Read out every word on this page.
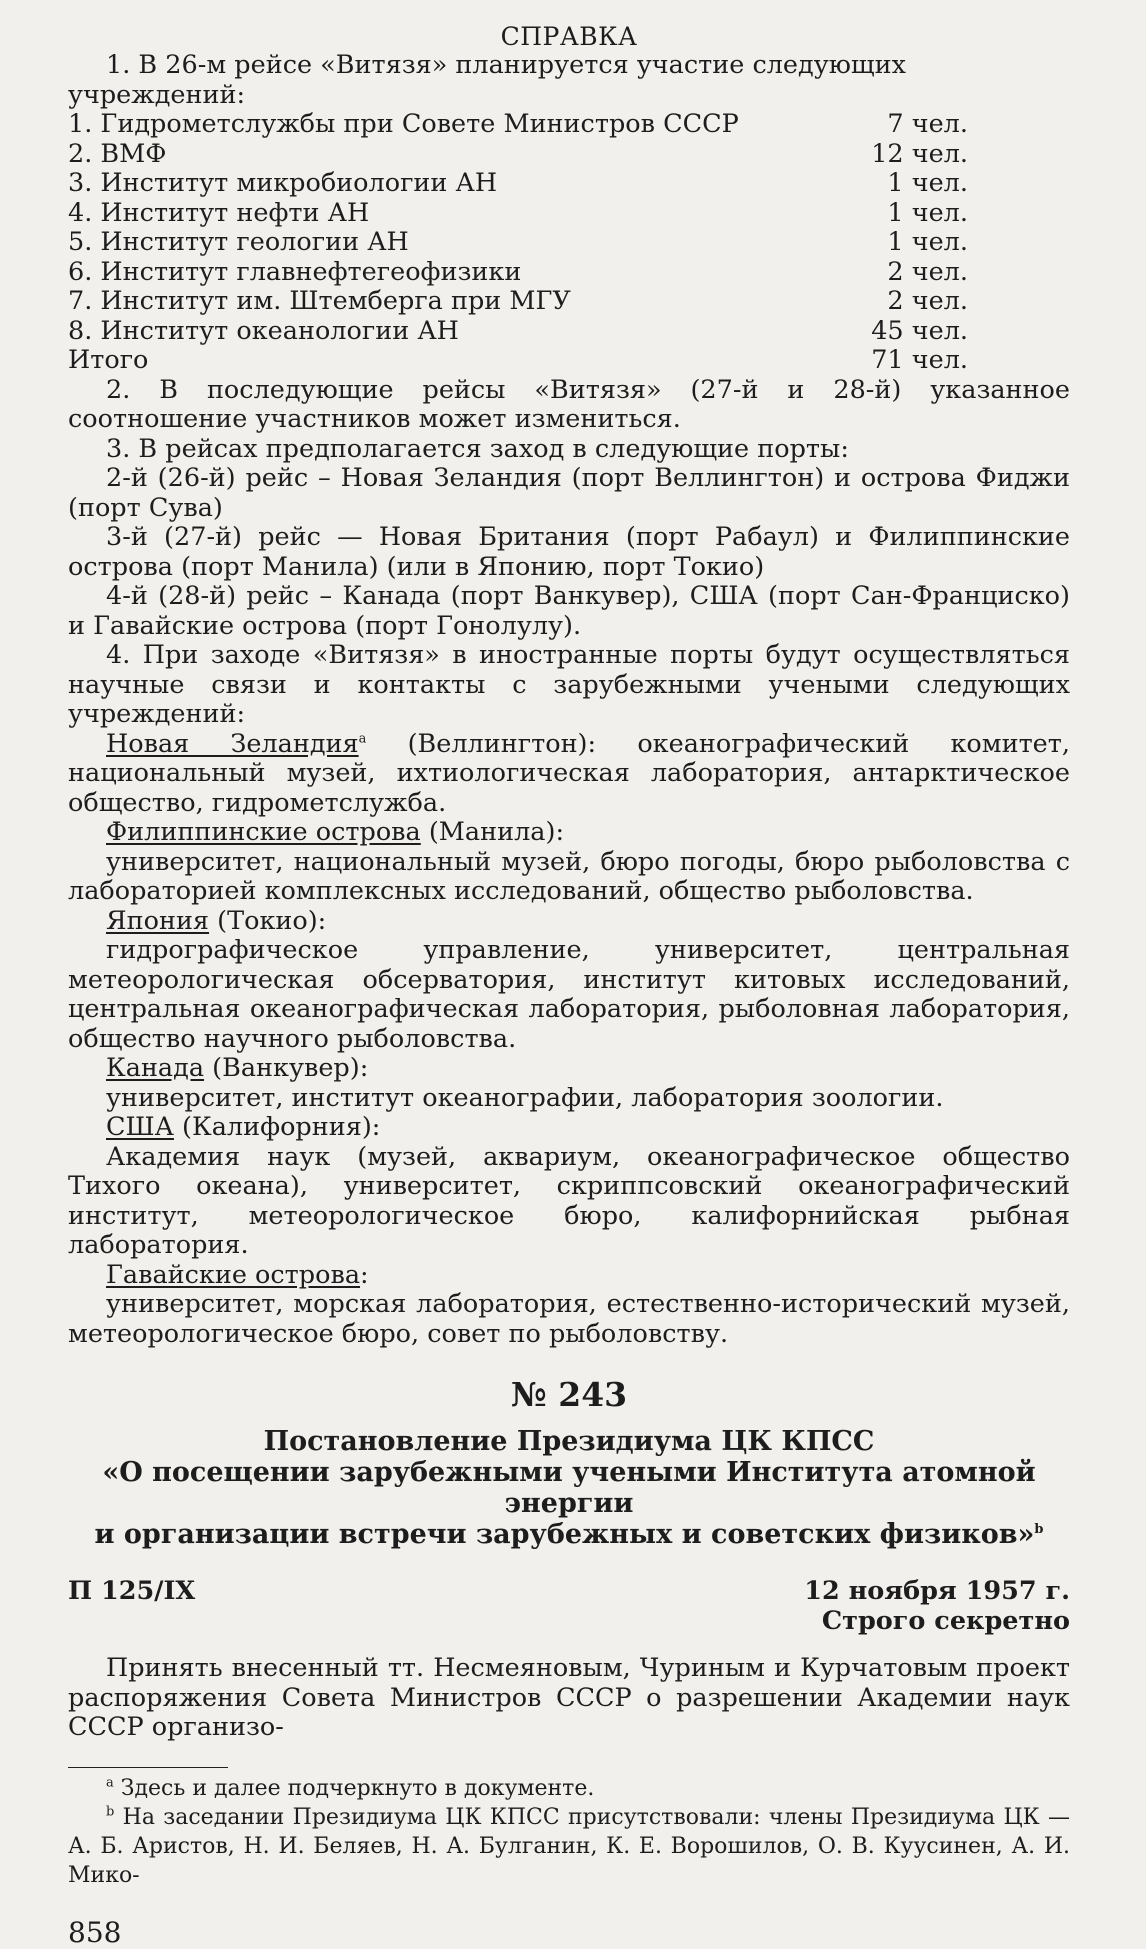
СПРАВКА

1. В 26-м рейсе «Витязя» планируется участие следующих учреждений:

1. Гидрометслужбы при Совете Министров СССР	7 чел.
2. ВМФ	12 чел.
3. Институт микробиологии АН	1 чел.
4. Институт нефти АН	1 чел.
5. Институт геологии АН	1 чел.
6. Институт главнефтегеофизики	2 чел.
7. Институт им. Штемберга при МГУ	2 чел.
8. Институт океанологии АН	45 чел.
Итого	71 чел.

2. В последующие рейсы «Витязя» (27-й и 28-й) указанное соотношение участников может измениться.

3. В рейсах предполагается заход в следующие порты:

2-й (26-й) рейс – Новая Зеландия (порт Веллингтон) и острова Фиджи (порт Сува)

3-й (27-й) рейс — Новая Британия (порт Рабаул) и Филиппинские острова (порт Манила) (или в Японию, порт Токио)

4-й (28-й) рейс – Канада (порт Ванкувер), США (порт Сан-Франциско) и Гавайские острова (порт Гонолулу).

4. При заходе «Витязя» в иностранные порты будут осуществляться научные связи и контакты с зарубежными учеными следующих учреждений:

Новая Зеландия$^а$ (Веллингтон): океанографический комитет, национальный музей, ихтиологическая лаборатория, антарктическое общество, гидрометслужба.

Филиппинские острова (Манила):

университет, национальный музей, бюро погоды, бюро рыболовства с лабораторией комплексных исследований, общество рыболовства.

Япония (Токио):

гидрографическое управление, университет, центральная метеорологическая обсерватория, институт китовых исследований, центральная океанографическая лаборатория, рыболовная лаборатория, общество научного рыболовства.

Канада (Ванкувер):

университет, институт океанографии, лаборатория зоологии.

США (Калифорния):

Академия наук (музей, аквариум, океанографическое общество Тихого океана), университет, скриппсовский океанографический институт, метеорологическое бюро, калифорнийская рыбная лаборатория.

Гавайские острова:

университет, морская лаборатория, естественно-исторический музей, метеорологическое бюро, совет по рыболовству.

№ 243
Постановление Президиума ЦК КПСС
«О посещении зарубежными учеными Института атомной энергии
и организации встречи зарубежных и советских физиков»$^b$
П 125/IX	12 ноября 1957 г.
Строго секретно

Принять внесенный тт. Несмеяновым, Чуриным и Курчатовым проект распоряжения Совета Министров СССР о разрешении Академии наук СССР организо-

$^а$ Здесь и далее подчеркнуто в документе.

$^b$ На заседании Президиума ЦК КПСС присутствовали: члены Президиума ЦК — А. Б. Аристов, Н. И. Беляев, Н. А. Булганин, К. Е. Ворошилов, О. В. Куусинен, А. И. Мико-

858
